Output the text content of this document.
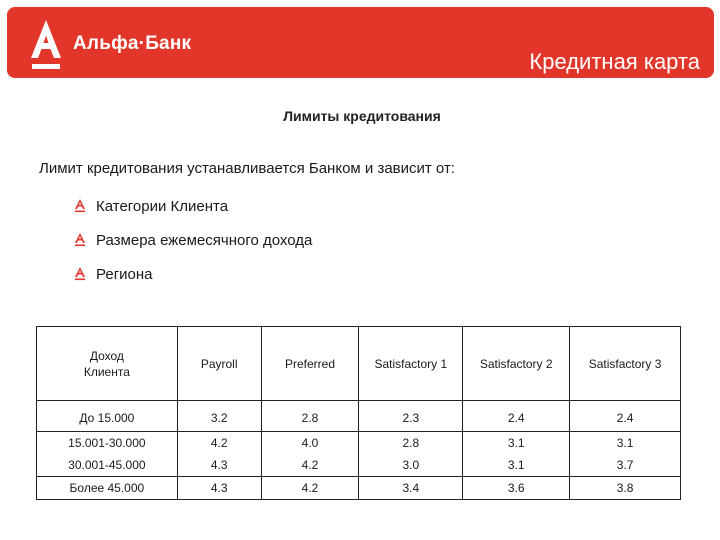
Альфа·Банк
Кредитная карта
Лимиты кредитования
Лимит кредитования устанавливается Банком и зависит от:
Категории Клиента
Размера ежемесячного дохода
Региона
Доход Клиента	Payroll	Preferred	Satisfactory 1	Satisfactory 2	Satisfactory 3
До 15.000	3.2	2.8	2.3	2.4	2.4
15.001-30.000	4.2	4.0	2.8	3.1	3.1
30.001-45.000	4.3	4.2	3.0	3.1	3.7
Более 45.000	4.3	4.2	3.4	3.6	3.8
